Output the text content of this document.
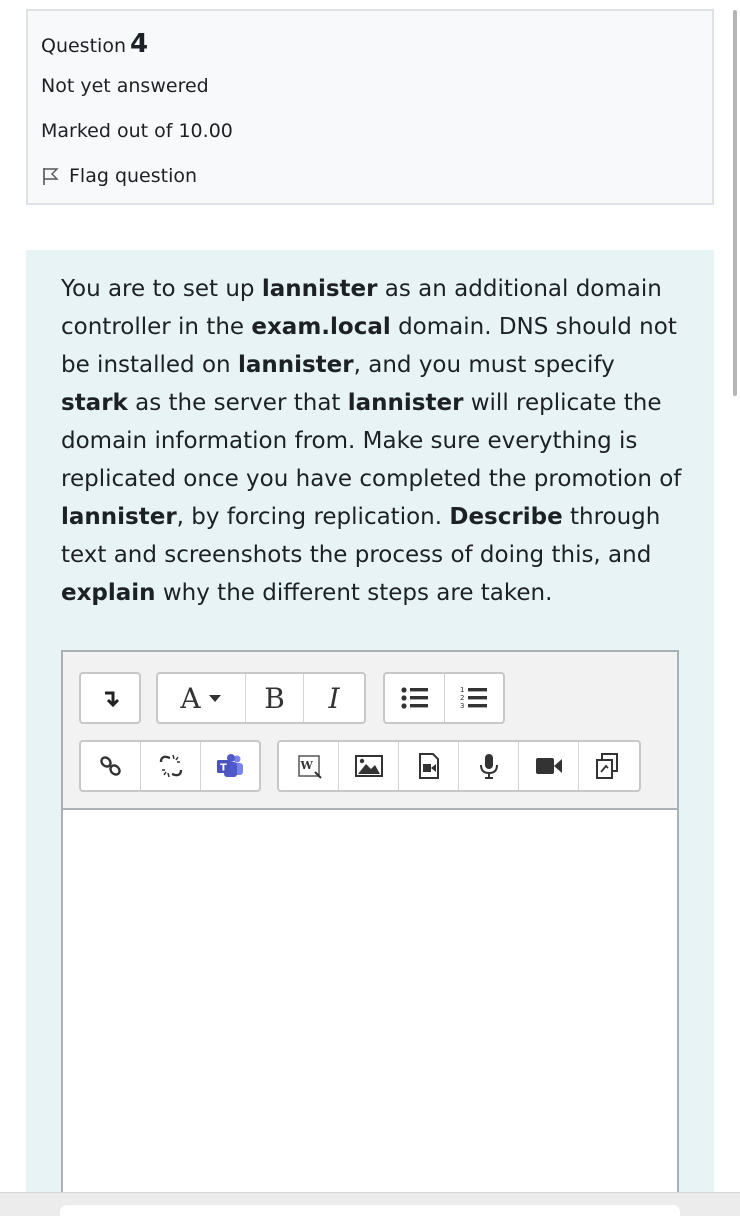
Question 4
Not yet answered
Marked out of 10.00
Flag question
You are to set up lannister as an additional domain controller in the exam.local domain. DNS should not be installed on lannister, and you must specify stark as the server that lannister will replicate the domain information from. Make sure everything is replicated once you have completed the promotion of lannister, by forcing replication. Describe through text and screenshots the process of doing this, and explain why the different steps are taken.
A B I	1
2
3
T	W
